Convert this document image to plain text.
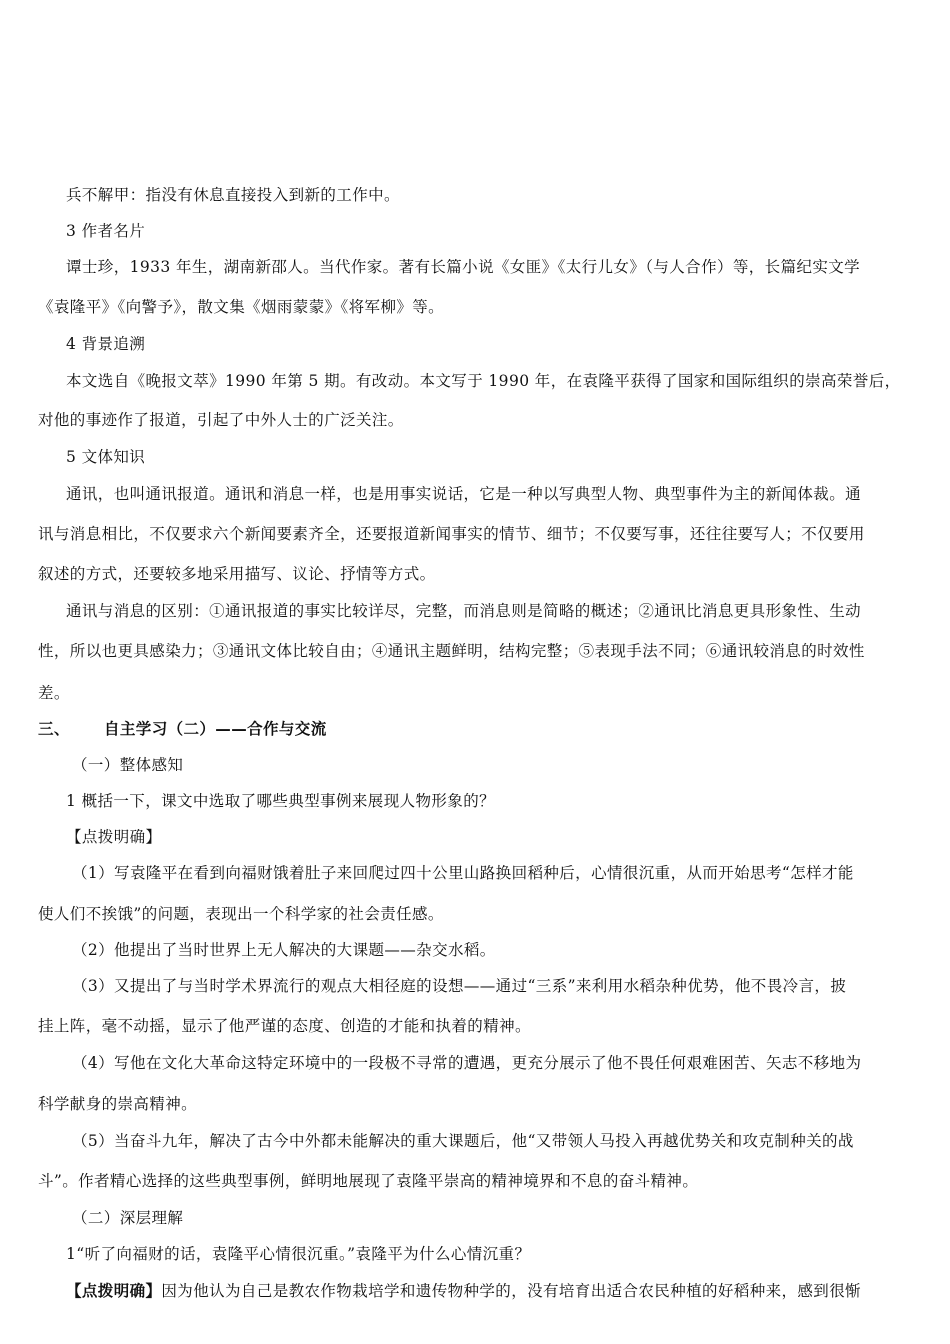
兵不解甲：指没有休息直接投入到新的工作中。
3 作者名片
谭士珍，1933 年生，湖南新邵人。当代作家。著有长篇小说《女匪》《太行儿女》（与人合作）等，长篇纪实文学
《袁隆平》《向警予》，散文集《烟雨蒙蒙》《将军柳》等。
4 背景追溯
本文选自《晚报文萃》1990 年第 5 期。有改动。本文写于 1990 年，在袁隆平获得了国家和国际组织的崇高荣誉后，
对他的事迹作了报道，引起了中外人士的广泛关注。
5 文体知识
通讯，也叫通讯报道。通讯和消息一样，也是用事实说话，它是一种以写典型人物、典型事件为主的新闻体裁。通
讯与消息相比，不仅要求六个新闻要素齐全，还要报道新闻事实的情节、细节；不仅要写事，还往往要写人；不仅要用
叙述的方式，还要较多地采用描写、议论、抒情等方式。
通讯与消息的区别：①通讯报道的事实比较详尽，完整，而消息则是简略的概述；②通讯比消息更具形象性、生动
性，所以也更具感染力；③通讯文体比较自由；④通讯主题鲜明，结构完整；⑤表现手法不同；⑥通讯较消息的时效性
差。
三、 自主学习（二）——合作与交流
（一）整体感知
1 概括一下，课文中选取了哪些典型事例来展现人物形象的？
【点拨明确】
（1）写袁隆平在看到向福财饿着肚子来回爬过四十公里山路换回稻种后，心情很沉重，从而开始思考“怎样才能
使人们不挨饿”的问题，表现出一个科学家的社会责任感。
（2）他提出了当时世界上无人解决的大课题——杂交水稻。
（3）又提出了与当时学术界流行的观点大相径庭的设想——通过“三系”来利用水稻杂种优势，他不畏冷言，披
挂上阵，毫不动摇，显示了他严谨的态度、创造的才能和执着的精神。
（4）写他在文化大革命这特定环境中的一段极不寻常的遭遇，更充分展示了他不畏任何艰难困苦、矢志不移地为
科学献身的崇高精神。
（5）当奋斗九年，解决了古今中外都未能解决的重大课题后，他“又带领人马投入再越优势关和攻克制种关的战
斗”。作者精心选择的这些典型事例，鲜明地展现了袁隆平崇高的精神境界和不息的奋斗精神。
（二）深层理解
1“听了向福财的话，袁隆平心情很沉重。”袁隆平为什么心情沉重？
【点拨明确】因为他认为自己是教农作物栽培学和遗传物种学的，没有培育出适合农民种植的好稻种来，感到很惭
